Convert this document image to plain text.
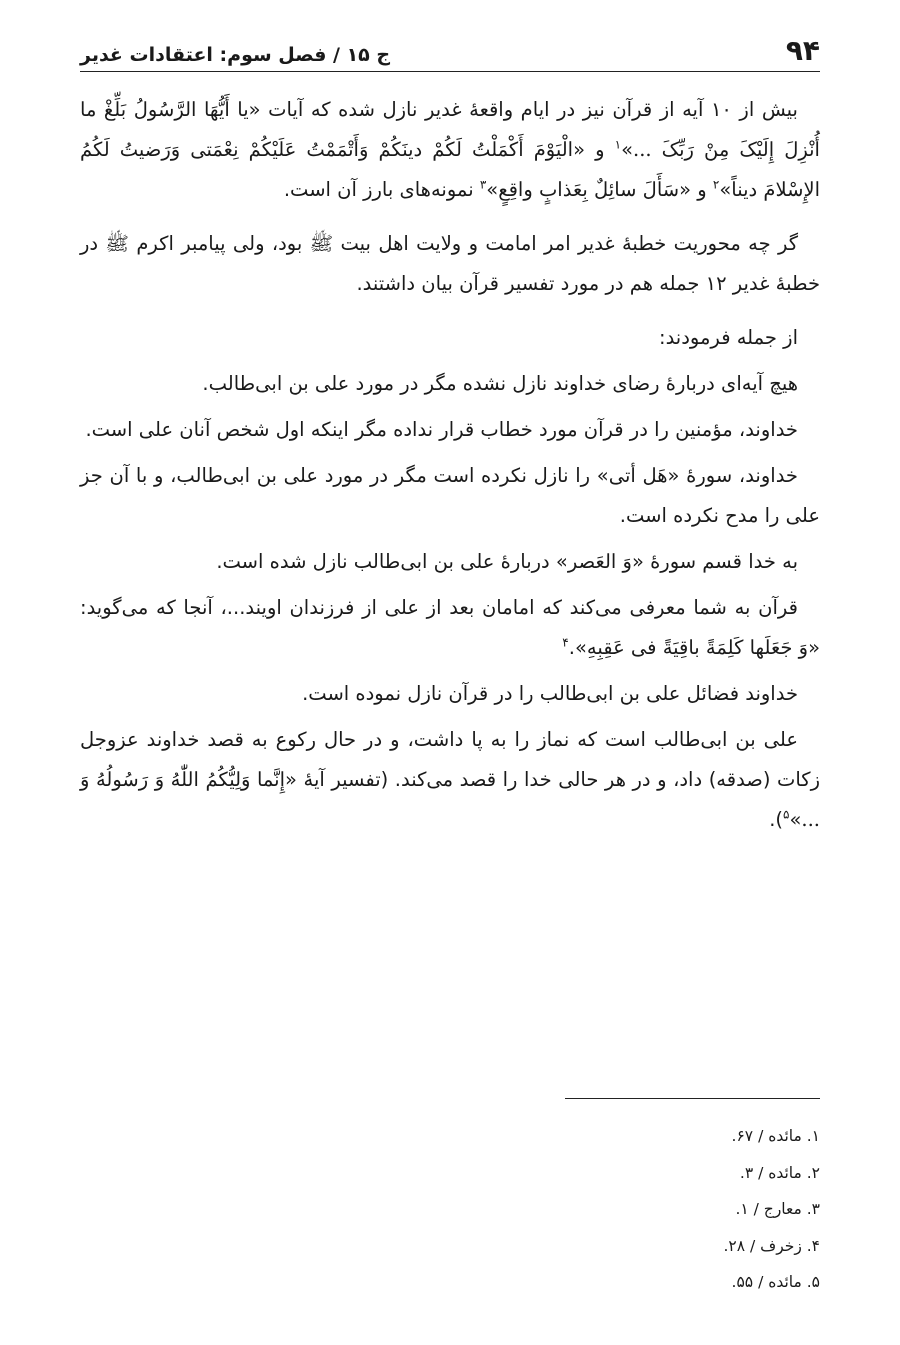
۹۴
ج ۱۵ / فصل سوم: اعتقادات غدیر

بیش از ۱۰ آیه از قرآن نیز در ایام واقعهٔ غدیر نازل شده که آیات «یا أَیُّهَا الرَّسُولُ بَلِّغْ ما أُنْزِلَ إِلَیْکَ مِنْ رَبِّکَ ...»$^۱$ و «الْیَوْمَ أَکْمَلْتُ لَکُمْ دینَکُمْ وَأَتْمَمْتُ عَلَیْکُمْ نِعْمَتی وَرَضیتُ لَکُمُ الإِسْلامَ دیناً»$^۲$ و «سَأَلَ سائِلٌ بِعَذابٍ واقِعٍ»$^۳$ نمونه‌های بارز آن است.

گر چه محوریت خطبهٔ غدیر امر امامت و ولایت اهل بیت ﷺ بود، ولی پیامبر اکرم ﷺ در خطبهٔ غدیر ۱۲ جمله هم در مورد تفسیر قرآن بیان داشتند.

از جمله فرمودند:

هیچ آیه‌ای دربارهٔ رضای خداوند نازل نشده مگر در مورد علی بن ابی‌طالب.

خداوند، مؤمنین را در قرآن مورد خطاب قرار نداده مگر اینکه اول شخص آنان علی است.

خداوند، سورهٔ «هَل أتی» را نازل نکرده است مگر در مورد علی بن ابی‌طالب، و با آن جز علی را مدح نکرده است.

به خدا قسم سورهٔ «وَ العَصر» دربارهٔ علی بن ابی‌طالب نازل شده است.

قرآن به شما معرفی می‌کند که امامان بعد از علی از فرزندان اویند...، آنجا که می‌گوید: «وَ جَعَلَها کَلِمَةً باقِیَةً فی عَقِبِهِ».$^۴$

خداوند فضائل علی بن ابی‌طالب را در قرآن نازل نموده است.

علی بن ابی‌طالب است که نماز را به پا داشت، و در حال رکوع به قصد خداوند عزوجل زکات (صدقه) داد، و در هر حالی خدا را قصد می‌کند. (تفسیر آیهٔ «إِنَّما وَلِیُّکُمُ اللّٰهُ وَ رَسُولُهُ وَ ...»$^۵$).

۱. مائده / ۶۷.
۲. مائده / ۳.
۳. معارج / ۱.
۴. زخرف / ۲۸.
۵. مائده / ۵۵.
